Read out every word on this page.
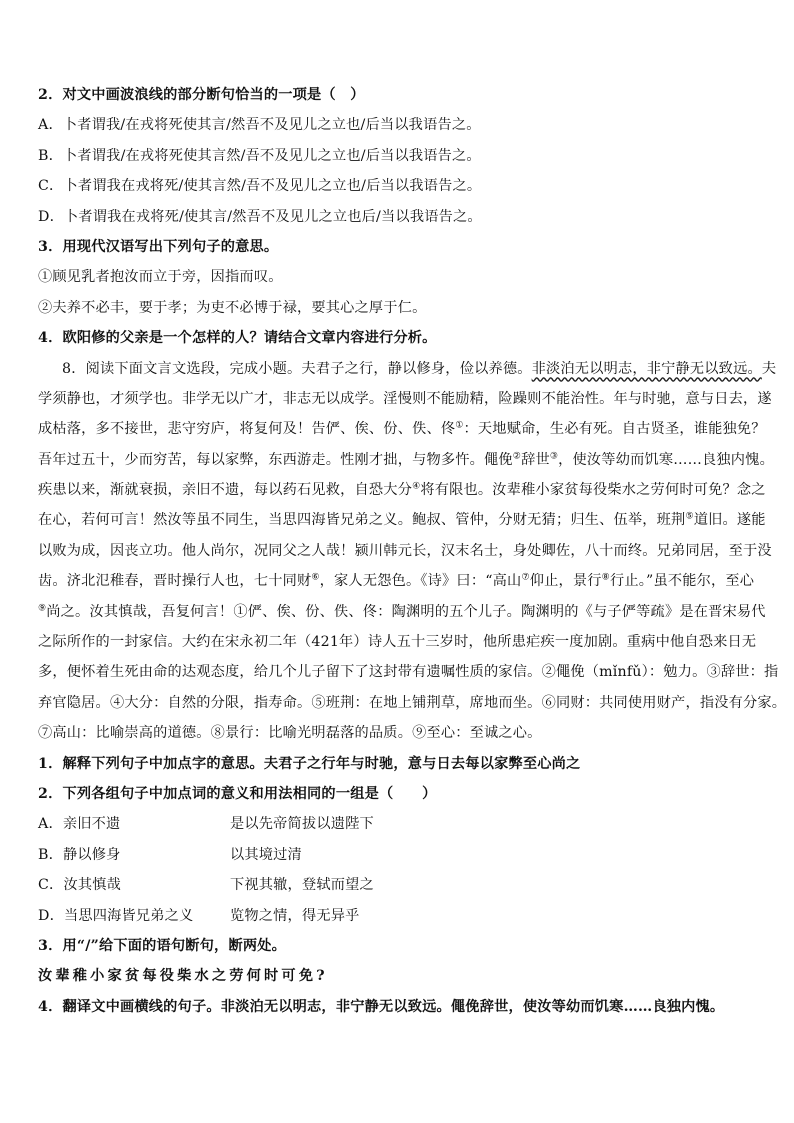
2．对文中画波浪线的部分断句恰当的一项是（　）
A．卜者谓我/在戎将死使其言/然吾不及见儿之立也/后当以我语告之。
B．卜者谓我/在戎将死使其言然/吾不及见儿之立也/后当以我语告之。
C．卜者谓我在戎将死/使其言然/吾不及见儿之立也/后当以我语告之。
D．卜者谓我在戎将死/使其言/然吾不及见儿之立也后/当以我语告之。
3．用现代汉语写出下列句子的意思。
①顾见乳者抱汝而立于旁，因指而叹。
②夫养不必丰，要于孝；为吏不必博于禄，要其心之厚于仁。
4．欧阳修的父亲是一个怎样的人？请结合文章内容进行分析。
8．阅读下面文言文选段，完成小题。夫君子之行，静以修身，俭以养德。非淡泊无以明志，非宁静无以致远。夫
学须静也，才须学也。非学无以广才，非志无以成学。淫慢则不能励精，险躁则不能治性。年与时驰，意与日去，遂
成枯落，多不接世，悲守穷庐，将复何及！告俨、俟、份、佚、佟①：天地赋命，生必有死。自古贤圣，谁能独免？
吾年过五十，少而穷苦，每以家弊，东西游走。性刚才拙，与物多忤。僶俛②辞世③，使汝等幼而饥寒……良独内愧。
疾患以来，渐就衰损，亲旧不遗，每以药石见救，自恐大分④将有限也。汝辈稚小家贫每役柴水之劳何时可免？念之
在心，若何可言！然汝等虽不同生，当思四海皆兄弟之义。鲍叔、管仲，分财无猜；归生、伍举，班荆⑤道旧。遂能
以败为成，因丧立功。他人尚尔，况同父之人哉！颍川韩元长，汉末名士，身处卿佐，八十而终。兄弟同居，至于没
齿。济北氾稚春，晋时操行人也，七十同财⑥，家人无怨色。《诗》曰：“高山⑦仰止，景行⑧行止。”虽不能尔，至心
⑨尚之。汝其慎哉，吾复何言！①俨、俟、份、佚、佟：陶渊明的五个儿子。陶渊明的《与子俨等疏》是在晋宋易代
之际所作的一封家信。大约在宋永初二年（421年）诗人五十三岁时，他所患疟疾一度加剧。重病中他自恐来日无
多，便怀着生死由命的达观态度，给几个儿子留下了这封带有遗嘱性质的家信。②僶俛（mǐnfǔ）：勉力。③辞世：指
弃官隐居。④大分：自然的分限，指寿命。⑤班荆：在地上铺荆草，席地而坐。⑥同财：共同使用财产，指没有分家。
⑦高山：比喻崇高的道德。⑧景行：比喻光明磊落的品质。⑨至心：至诚之心。
1．解释下列句子中加点字的意思。夫君子之行年与时驰，意与日去每以家弊至心尚之
2．下列各组句子中加点词的意义和用法相同的一组是（　　）
A．亲旧不遗	是以先帝简拔以遗陛下
B．静以修身	以其境过清
C．汝其慎哉	下视其辙，登轼而望之
D．当思四海皆兄弟之义	览物之情，得无异乎
3．用“/”给下面的语句断句，断两处。
汝辈稚小家贫每役柴水之劳何时可免?
4．翻译文中画横线的句子。非淡泊无以明志，非宁静无以致远。僶俛辞世，使汝等幼而饥寒……良独内愧。
